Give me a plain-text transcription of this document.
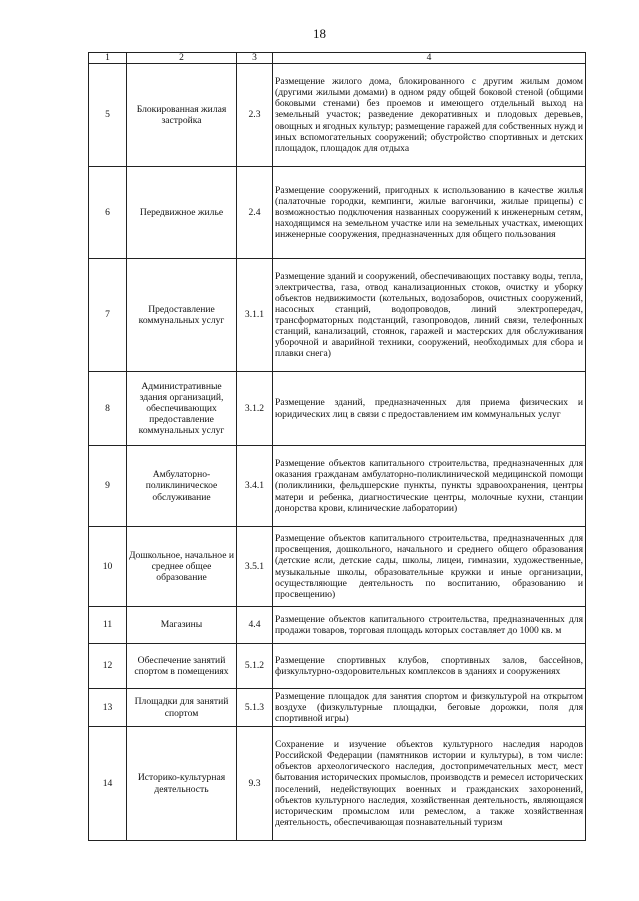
18
1	2	3	4
5	Блокированная жилая застройка	2.3	Размещение жилого дома, блокированного с другим жилым домом (другими жилыми домами) в одном ряду общей боковой стеной (общими боковыми стенами) без проемов и имеющего отдельный выход на земельный участок; разведение декоративных и плодовых деревьев, овощных и ягодных культур; размещение гаражей для собственных нужд и иных вспомогательных сооружений; обустройство спортивных и детских площадок, площадок для отдыха
6	Передвижное жилье	2.4	Размещение сооружений, пригодных к использованию в качестве жилья (палаточные городки, кемпинги, жилые вагончики, жилые прицепы) с возможностью подключения названных сооружений к инженерным сетям, находящимся на земельном участке или на земельных участках, имеющих инженерные сооружения, предназначенных для общего пользования
7	Предоставление коммунальных услуг	3.1.1	Размещение зданий и сооружений, обеспечивающих поставку воды, тепла, электричества, газа, отвод канализационных стоков, очистку и уборку объектов недвижимости (котельных, водозаборов, очистных сооружений, насосных станций, водопроводов, линий электропередач, трансформаторных подстанций, газопроводов, линий связи, телефонных станций, канализаций, стоянок, гаражей и мастерских для обслуживания уборочной и аварийной техники, сооружений, необходимых для сбора и плавки снега)
8	Административные здания организаций, обеспечивающих предоставление коммунальных услуг	3.1.2	Размещение зданий, предназначенных для приема физических и юридических лиц в связи с предоставлением им коммунальных услуг
9	Амбулаторно-поликлиническое обслуживание	3.4.1	Размещение объектов капитального строительства, предназначенных для оказания гражданам амбулаторно-поликлинической медицинской помощи (поликлиники, фельдшерские пункты, пункты здравоохранения, центры матери и ребенка, диагностические центры, молочные кухни, станции донорства крови, клинические лаборатории)
10	Дошкольное, начальное и среднее общее образование	3.5.1	Размещение объектов капитального строительства, предназначенных для просвещения, дошкольного, начального и среднего общего образования (детские ясли, детские сады, школы, лицеи, гимназии, художественные, музыкальные школы, образовательные кружки и иные организации, осуществляющие деятельность по воспитанию, образованию и просвещению)
11	Магазины	4.4	Размещение объектов капитального строительства, предназначенных для продажи товаров, торговая площадь которых составляет до 1000 кв. м
12	Обеспечение занятий спортом в помещениях	5.1.2	Размещение спортивных клубов, спортивных залов, бассейнов, физкультурно-оздоровительных комплексов в зданиях и сооружениях
13	Площадки для занятий спортом	5.1.3	Размещение площадок для занятия спортом и физкультурой на открытом воздухе (физкультурные площадки, беговые дорожки, поля для спортивной игры)
14	Историко-культурная деятельность	9.3	Сохранение и изучение объектов культурного наследия народов Российской Федерации (памятников истории и культуры), в том числе: объектов археологического наследия, достопримечательных мест, мест бытования исторических промыслов, производств и ремесел исторических поселений, недействующих военных и гражданских захоронений, объектов культурного наследия, хозяйственная деятельность, являющаяся историческим промыслом или ремеслом, а также хозяйственная деятельность, обеспечивающая познавательный туризм
